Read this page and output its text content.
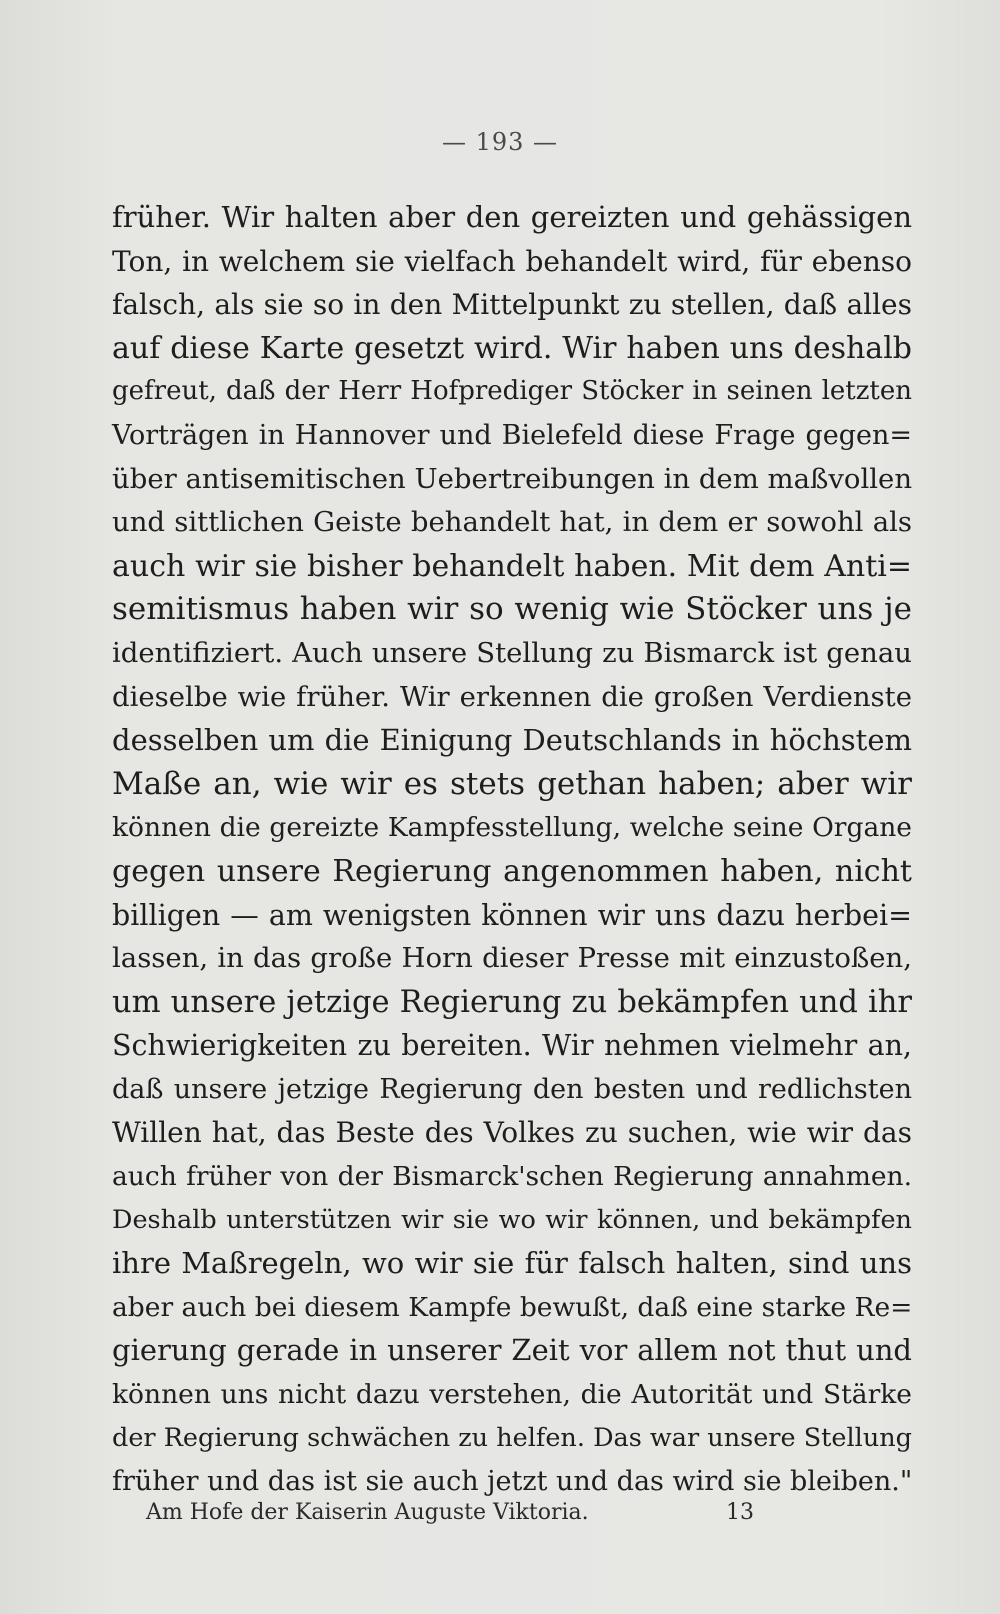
— 193 —
früher. Wir halten aber den gereizten und gehässigen
Ton, in welchem sie vielfach behandelt wird, für ebenso
falsch, als sie so in den Mittelpunkt zu stellen, daß alles
auf diese Karte gesetzt wird. Wir haben uns deshalb
gefreut, daß der Herr Hofprediger Stöcker in seinen letzten
Vorträgen in Hannover und Bielefeld diese Frage gegen=
über antisemitischen Uebertreibungen in dem maßvollen
und sittlichen Geiste behandelt hat, in dem er sowohl als
auch wir sie bisher behandelt haben. Mit dem Anti=
semitismus haben wir so wenig wie Stöcker uns je
identifiziert. Auch unsere Stellung zu Bismarck ist genau
dieselbe wie früher. Wir erkennen die großen Verdienste
desselben um die Einigung Deutschlands in höchstem
Maße an, wie wir es stets gethan haben; aber wir
können die gereizte Kampfesstellung, welche seine Organe
gegen unsere Regierung angenommen haben, nicht
billigen — am wenigsten können wir uns dazu herbei=
lassen, in das große Horn dieser Presse mit einzustoßen,
um unsere jetzige Regierung zu bekämpfen und ihr
Schwierigkeiten zu bereiten. Wir nehmen vielmehr an,
daß unsere jetzige Regierung den besten und redlichsten
Willen hat, das Beste des Volkes zu suchen, wie wir das
auch früher von der Bismarck'schen Regierung annahmen.
Deshalb unterstützen wir sie wo wir können, und bekämpfen
ihre Maßregeln, wo wir sie für falsch halten, sind uns
aber auch bei diesem Kampfe bewußt, daß eine starke Re=
gierung gerade in unserer Zeit vor allem not thut und
können uns nicht dazu verstehen, die Autorität und Stärke
der Regierung schwächen zu helfen. Das war unsere Stellung
früher und das ist sie auch jetzt und das wird sie bleiben."
Am Hofe der Kaiserin Auguste Viktoria.	13
